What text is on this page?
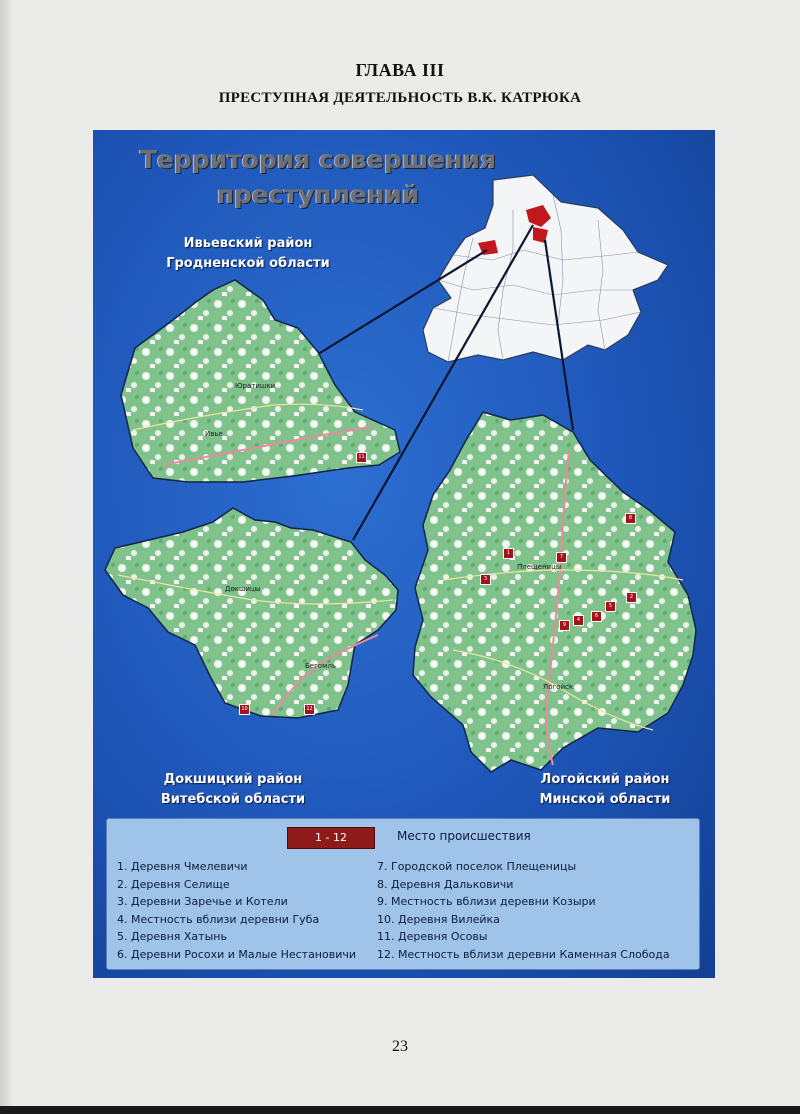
ГЛАВА III
ПРЕСТУПНАЯ ДЕЯТЕЛЬНОСТЬ В.К. КАТРЮКА
Территория совершения
преступлений
Ивьевский район
Гродненской области
Докшицкий район
Витебской области
Логойский район
Минской области
Ивье
Юратишки
Докшицы
Бегомль
Плещеницы
Логойск
11
10	12
1
7
3
8
2
5
6
4
9
1 - 12	Место происшествия
1. Деревня Чмелевичи
2. Деревня Селище
3. Деревни Заречье и Котели
4. Местность вблизи деревни Губа
5. Деревня Хатынь
6. Деревни Росохи и Малые Нестановичи
7. Городской поселок Плещеницы
8. Деревня Дальковичи
9. Местность вблизи деревни Козыри
10. Деревня Вилейка
11. Деревня Осовы
12. Местность вблизи деревни Каменная Слобода
23
